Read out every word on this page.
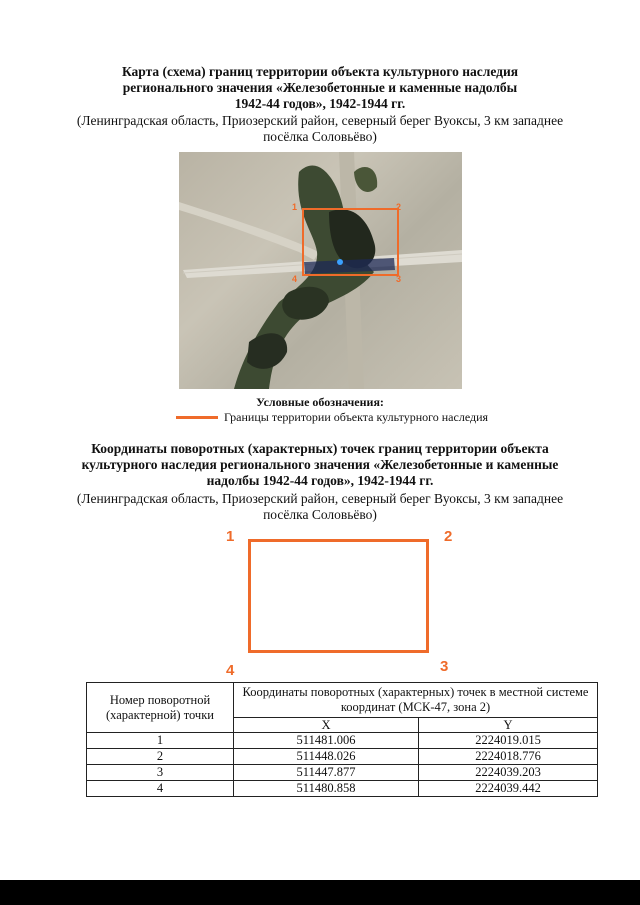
Карта (схема) границ территории объекта культурного наследия
регионального значения «Железобетонные и каменные надолбы
1942-44 годов», 1942-1944 гг.
(Ленинградская область, Приозерский район, северный берег Вуоксы, 3 км западнее
посёлка Соловьёво)
1	2
3
4
Условные обозначения:
Границы территории объекта культурного наследия
Координаты поворотных (характерных) точек границ территории объекта
культурного наследия регионального значения «Железобетонные и каменные
надолбы 1942-44 годов», 1942-1944 гг.
(Ленинградская область, Приозерский район, северный берег Вуоксы, 3 км западнее
посёлка Соловьёво)
1	2
3
4
Номер поворотной (характерной) точки	Координаты поворотных (характерных) точек в местной системе координат (МСК-47, зона 2)	
	X	Y
1	511481.006	2224019.015
2	511448.026	2224018.776
3	511447.877	2224039.203
4	511480.858	2224039.442
